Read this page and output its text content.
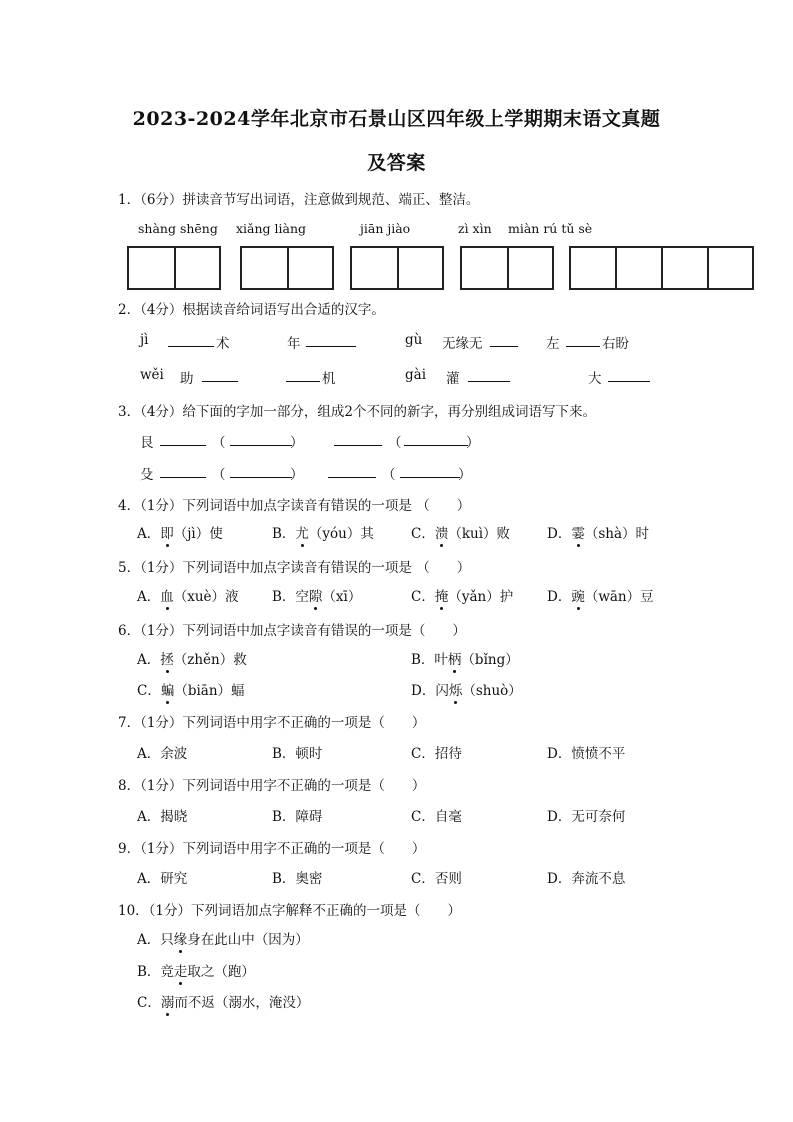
2023-2024学年北京市石景山区四年级上学期期末语文真题
及答案
1．（6分）拼读音节写出词语，注意做到规范、端正、整洁。
shàng shēng xiǎng liàng	jiān jiào	zì xìn miàn rú tǔ sè
2．（4分）根据读音给词语写出合适的汉字。
jì	术	年	gù 无缘无	左	右盼
wěi 助	机	gài 灌	大
3．（4分）给下面的字加一部分，组成2个不同的新字，再分别组成词语写下来。
艮	（	）	（	）
殳	（	）	（	）
4．（1分）下列词语中加点字读音有错误的一项是 （　　）
A．即（jì）使	B．尤（yóu）其	C．溃（kuì）败	D．霎（shà）时
5．（1分）下列词语中加点字读音有错误的一项是 （　　）
A．血（xuè）液 B．空隙（xī）	C．掩（yǎn）护	D．豌（wān）豆
6．（1分）下列词语中加点字读音有错误的一项是（　　）
A．拯（zhěn）救	B．叶柄（bǐng）
C．蝙（biān）蝠	D．闪烁（shuò）
7．（1分）下列词语中用字不正确的一项是（　　）
A．余波	B．顿时	C．招待	D．愤愤不平
8．（1分）下列词语中用字不正确的一项是（　　）
A．揭晓	B．障碍	C．自毫	D．无可奈何
9．（1分）下列词语中用字不正确的一项是（　　）
A．研究	B．奥密	C．否则	D．奔流不息
10．（1分）下列词语加点字解释不正确的一项是（　　）
A．只缘身在此山中（因为）
B．竞走取之（跑）
C．溺而不返（溺水，淹没）
